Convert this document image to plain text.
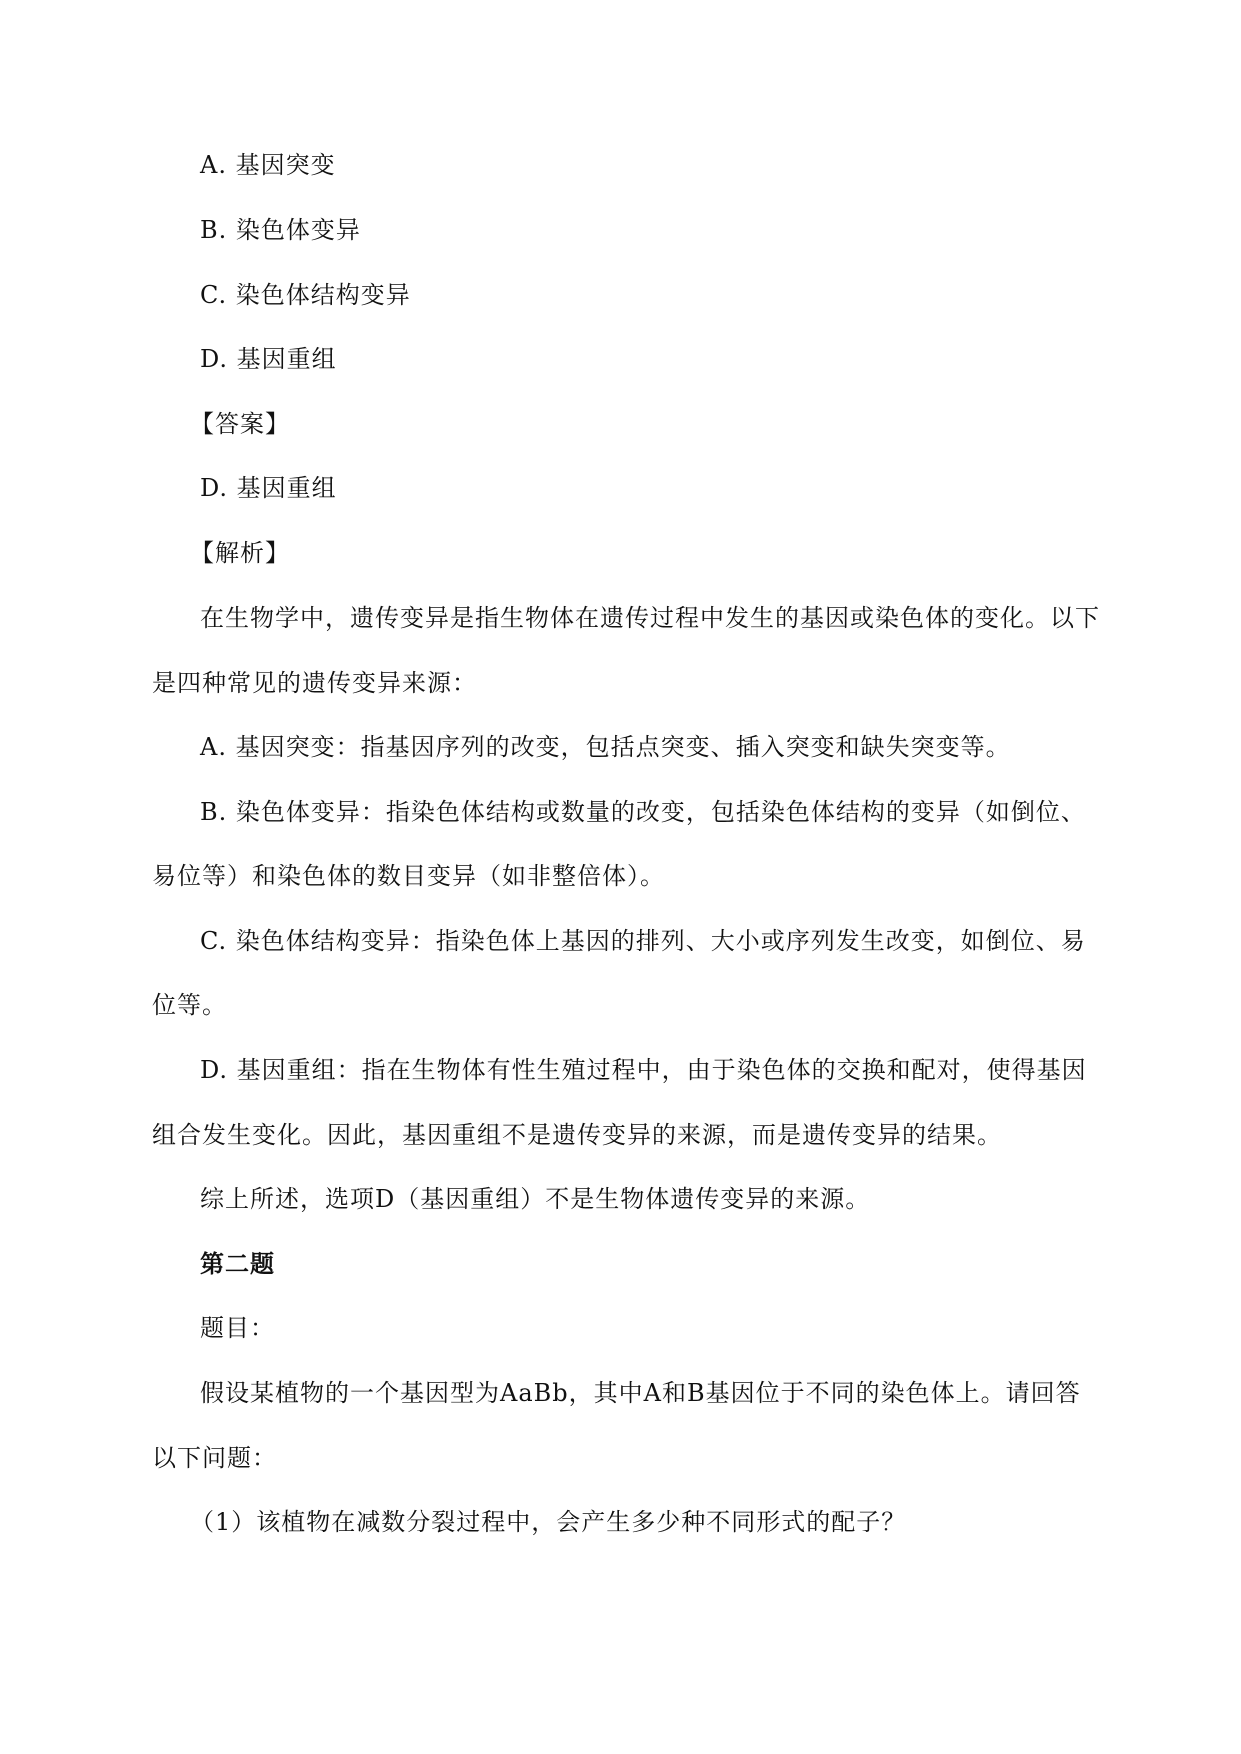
A. 基因突变
B. 染色体变异
C. 染色体结构变异
D. 基因重组
【答案】
D. 基因重组
【解析】
在生物学中，遗传变异是指生物体在遗传过程中发生的基因或染色体的变化。以下
是四种常见的遗传变异来源：
A. 基因突变：指基因序列的改变，包括点突变、插入突变和缺失突变等。
B. 染色体变异：指染色体结构或数量的改变，包括染色体结构的变异（如倒位、
易位等）和染色体的数目变异（如非整倍体）。
C. 染色体结构变异：指染色体上基因的排列、大小或序列发生改变，如倒位、易
位等。
D. 基因重组：指在生物体有性生殖过程中，由于染色体的交换和配对，使得基因
组合发生变化。因此，基因重组不是遗传变异的来源，而是遗传变异的结果。
综上所述，选项D（基因重组）不是生物体遗传变异的来源。
第二题
题目：
假设某植物的一个基因型为AaBb，其中A和B基因位于不同的染色体上。请回答
以下问题：
（1）该植物在减数分裂过程中，会产生多少种不同形式的配子？
